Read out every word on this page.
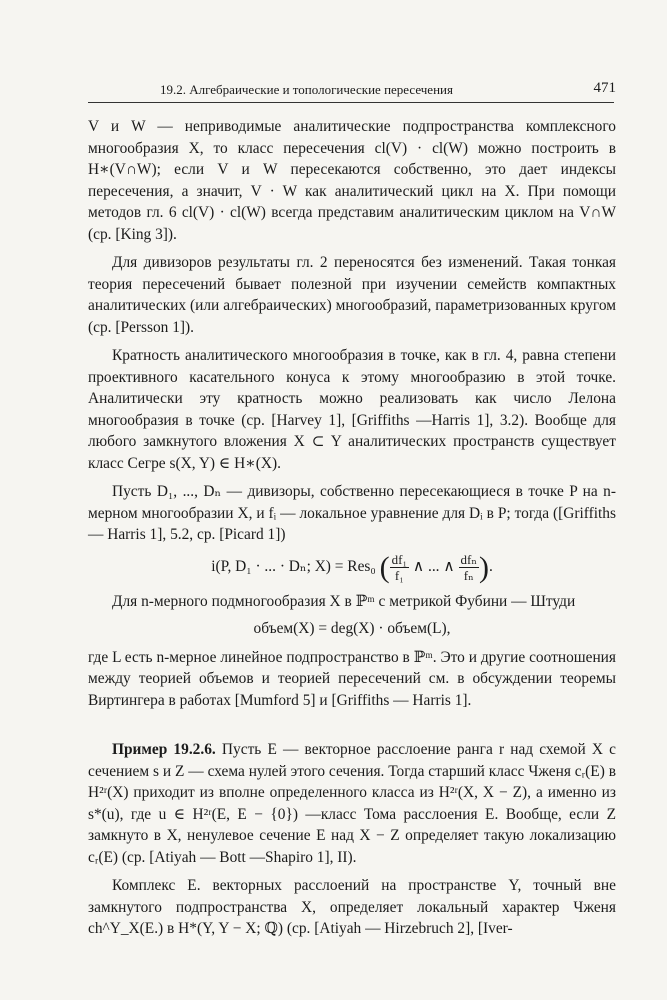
19.2. Алгебраические и топологические пересечения	471

V и W — неприводимые аналитические подпространства комплексного многообразия X, то класс пересечения cl(V) · cl(W) можно построить в H∗(V∩W); если V и W пересекаются собственно, это дает индексы пересечения, а значит, V · W как аналитический цикл на X. При помощи методов гл. 6 cl(V) · cl(W) всегда представим аналитическим циклом на V∩W (ср. [King 3]).

Для дивизоров результаты гл. 2 переносятся без изменений. Такая тонкая теория пересечений бывает полезной при изучении семейств компактных аналитических (или алгебраических) многообразий, параметризованных кругом (ср. [Persson 1]).

Кратность аналитического многообразия в точке, как в гл. 4, равна степени проективного касательного конуса к этому многообразию в этой точке. Аналитически эту кратность можно реализовать как число Лелона многообразия в точке (ср. [Harvey 1], [Griffiths —Harris 1], 3.2). Вообще для любого замкнутого вложения X ⊂ Y аналитических пространств существует класс Сегре s(X, Y) ∈ H∗(X).

Пусть D₁, ..., Dₙ — дивизоры, собственно пересекающиеся в точке P на n-мерном многообразии X, и fᵢ — локальное уравнение для Dᵢ в P; тогда ([Griffiths — Harris 1], 5.2, ср. [Picard 1])

i(P, D₁ · ... · Dₙ; X) = Res₀ ( $\frac{\text{df₁}}{\text{f₁}}$ ∧ ... ∧ $\frac{\text{dfₙ}}{\text{fₙ}}$ ).

Для n-мерного подмногообразия X в ℙᵐ с метрикой Фубини — Штуди

объем(X) = deg(X) · объем(L),

где L есть n-мерное линейное подпространство в ℙᵐ. Это и другие соотношения между теорией объемов и теорией пересечений см. в обсуждении теоремы Виртингера в работах [Mumford 5] и [Griffiths — Harris 1].

Пример 19.2.6. Пусть E — векторное расслоение ранга r над схемой X с сечением s и Z — схема нулей этого сечения. Тогда старший класс Чженя cᵣ(E) в H²ʳ(X) приходит из вполне определенного класса из H²ʳ(X, X − Z), а именно из s*(u), где u ∈ H²ʳ(E, E − {0}) —класс Тома расслоения E. Вообще, если Z замкнуто в X, ненулевое сечение E над X − Z определяет такую локализацию cᵣ(E) (ср. [Atiyah — Bott —Shapiro 1], II).

Комплекс E. векторных расслоений на пространстве Y, точный вне замкнутого подпространства X, определяет локальный характер Чженя ch^Y_X(E.) в H*(Y, Y − X; ℚ) (ср. [Atiyah — Hirzebruch 2], [Iver-
